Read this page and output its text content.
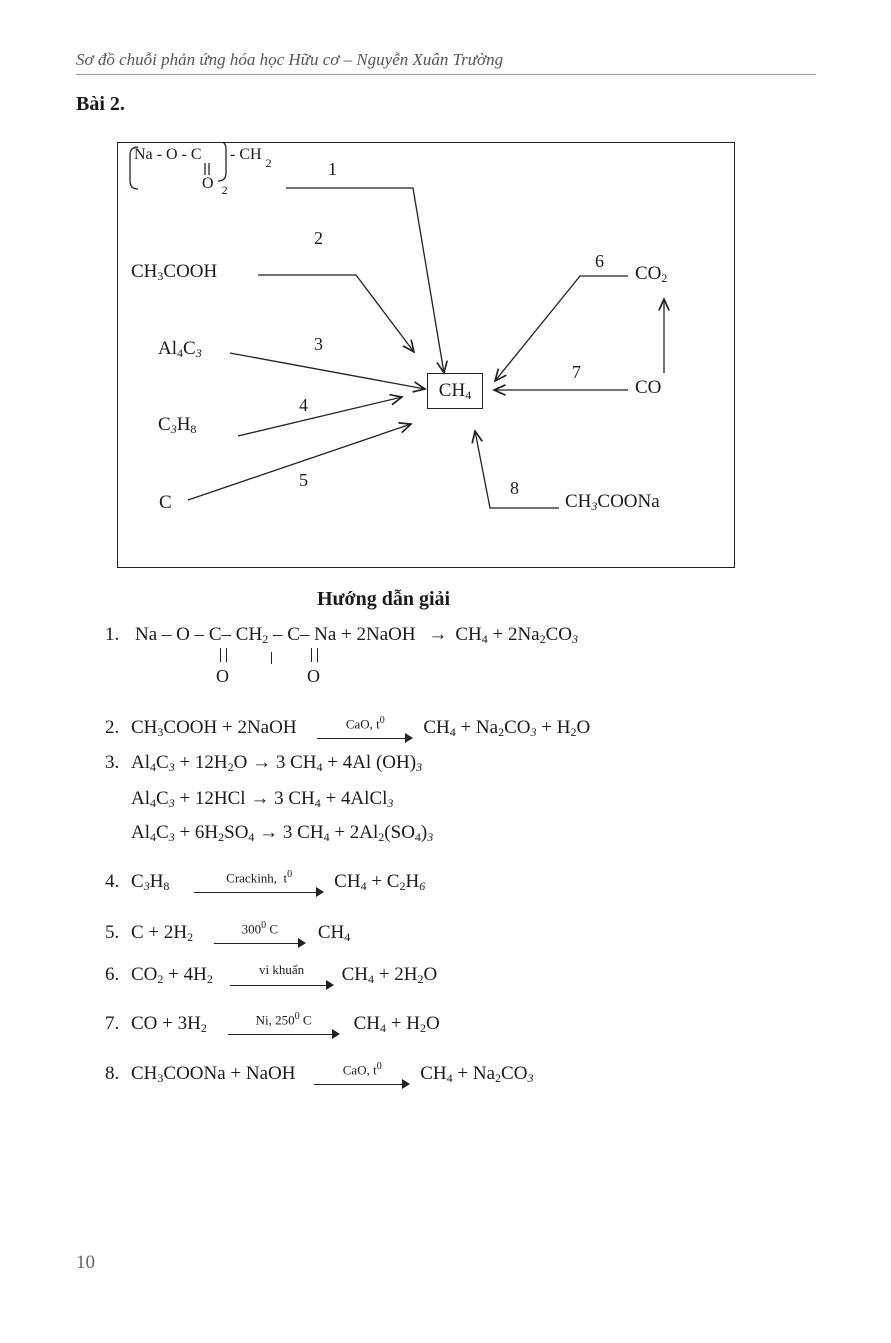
Sơ đồ chuỗi phản ứng hóa học Hữu cơ – Nguyễn Xuân Trường
Bài 2.
Na - O - C - CH $_2$
O $_2$
$CH_3COOH$
$Al_4C_3$
$C_3H_8$
C
$CH_4$
$CO_2$
CO
$CH_3COONa$
1
2
3
4
5
6
7
8
Hướng dẫn giải
1. Na – O – C– $CH_2 - C-$ Na + 2NaOH → $CH_4 + 2Na_2CO_3$
O	O
2. $CH_3COOH$ + 2NaOH	CaO, $t^0$	$CH_4 + Na_2CO_3 + H_2O$
3. $Al_4C_3 + 12H_2O \to 3$ $CH_4 + 4Al$ $(OH)_3$
$Al_4C_3 + 12HCl \to 3$ $CH_4$ + 4AlCl$_3$
$Al_4C_3 + 6H_2SO_4 \to 3$ $CH_4 + 2Al_2(SO_4)_3$
4. $C_3H_8$
Crackinh,  $t^0$	$CH_4 + C_2H_6$
5. $C + 2H_2$
$300^0$ C	$CH_4$
6. $CO_2 + 4H_2$
vi khuẩn	$CH_4 + 2H_2O$
7. CO + $3H_2$
Ni, $250^0$ C	$CH_4 + H_2O$
8. $CH_3COONa$ + NaOH	CaO, $t^0$	$CH_4 + Na_2CO_3$
10
